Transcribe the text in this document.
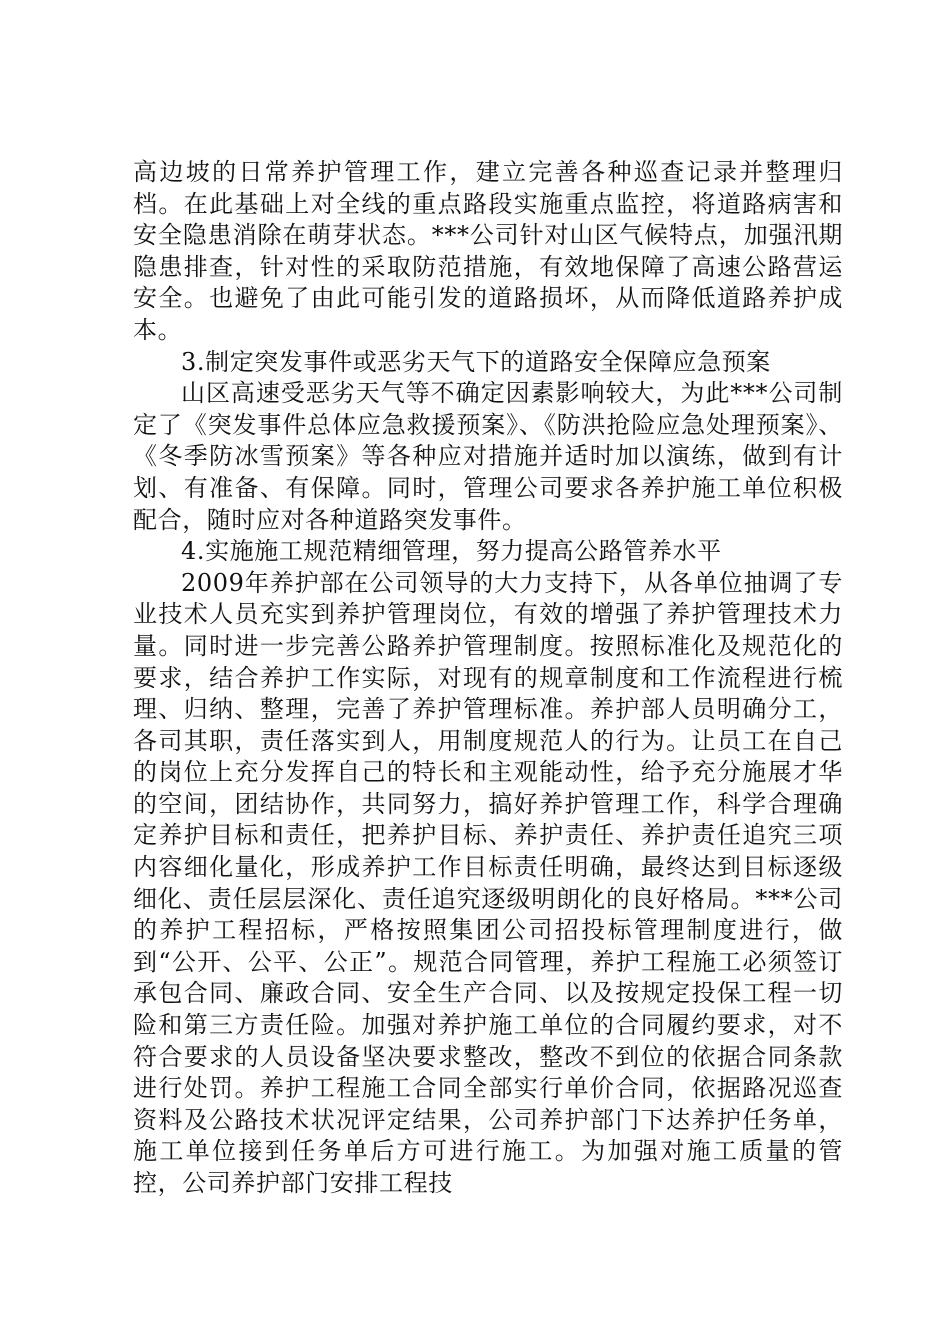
高边坡的日常养护管理工作，建立完善各种巡查记录并整理归档。在此基础上对全线的重点路段实施重点监控，将道路病害和安全隐患消除在萌芽状态。***公司针对山区气候特点，加强汛期隐患排查，针对性的采取防范措施，有效地保障了高速公路营运安全。也避免了由此可能引发的道路损坏，从而降低道路养护成本。

3.制定突发事件或恶劣天气下的道路安全保障应急预案

山区高速受恶劣天气等不确定因素影响较大，为此***公司制定了《突发事件总体应急救援预案》、《防洪抢险应急处理预案》、《冬季防冰雪预案》等各种应对措施并适时加以演练，做到有计划、有准备、有保障。同时，管理公司要求各养护施工单位积极配合，随时应对各种道路突发事件。

4.实施施工规范精细管理，努力提高公路管养水平

2009年养护部在公司领导的大力支持下，从各单位抽调了专业技术人员充实到养护管理岗位，有效的增强了养护管理技术力量。同时进一步完善公路养护管理制度。按照标准化及规范化的要求，结合养护工作实际，对现有的规章制度和工作流程进行梳理、归纳、整理，完善了养护管理标准。养护部人员明确分工，各司其职，责任落实到人，用制度规范人的行为。让员工在自己的岗位上充分发挥自己的特长和主观能动性，给予充分施展才华的空间，团结协作，共同努力，搞好养护管理工作，科学合理确定养护目标和责任，把养护目标、养护责任、养护责任追究三项内容细化量化，形成养护工作目标责任明确，最终达到目标逐级细化、责任层层深化、责任追究逐级明朗化的良好格局。***公司的养护工程招标，严格按照集团公司招投标管理制度进行，做到“公开、公平、公正”。规范合同管理，养护工程施工必须签订承包合同、廉政合同、安全生产合同、以及按规定投保工程一切险和第三方责任险。加强对养护施工单位的合同履约要求，对不符合要求的人员设备坚决要求整改，整改不到位的依据合同条款进行处罚。养护工程施工合同全部实行单价合同，依据路况巡查资料及公路技术状况评定结果，公司养护部门下达养护任务单，施工单位接到任务单后方可进行施工。为加强对施工质量的管控，公司养护部门安排工程技
